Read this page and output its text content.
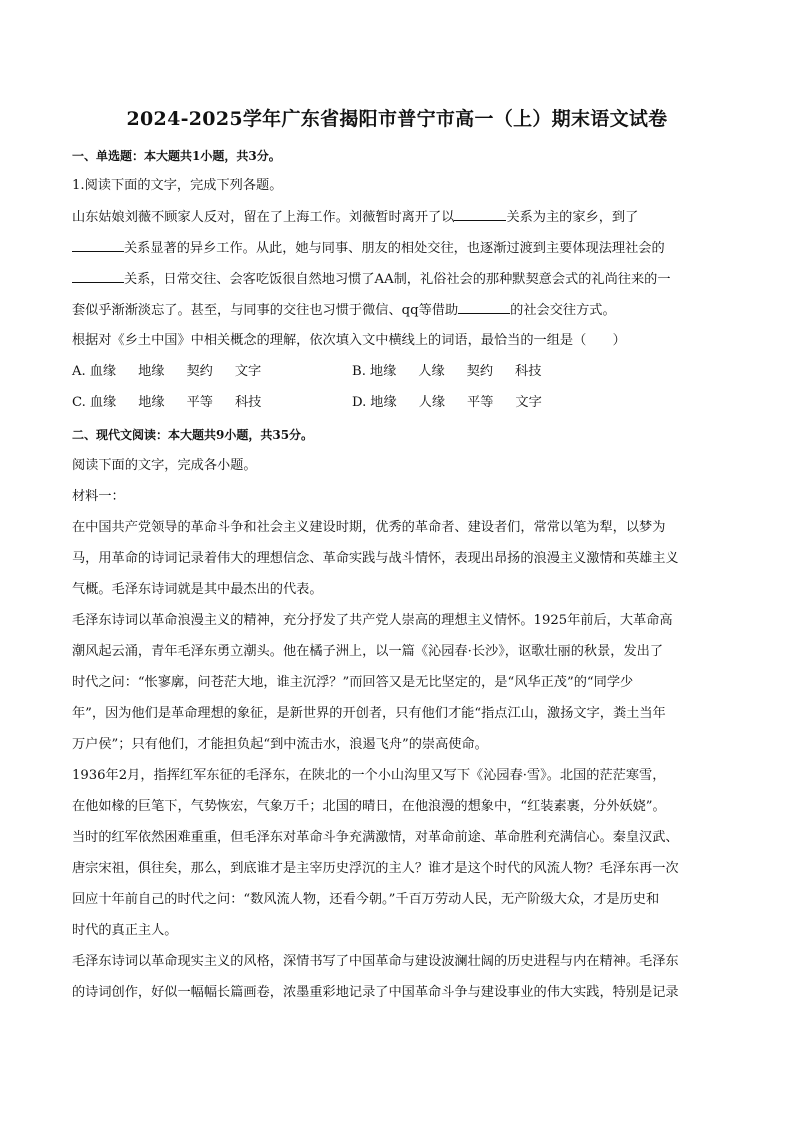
2024-2025学年广东省揭阳市普宁市高一（上）期末语文试卷
一、单选题：本大题共1小题，共3分。
1.阅读下面的文字，完成下列各题。
山东姑娘刘薇不顾家人反对，留在了上海工作。刘薇暂时离开了以	关系为主的家乡，到了
关系显著的异乡工作。从此，她与同事、朋友的相处交往，也逐渐过渡到主要体现法理社会的
关系，日常交往、会客吃饭很自然地习惯了AA制，礼俗社会的那种默契意会式的礼尚往来的一
套似乎渐渐淡忘了。甚至，与同事的交往也习惯于微信、qq等借助	的社会交往方式。
根据对《乡土中国》中相关概念的理解，依次填入文中横线上的词语，最恰当的一组是（　　）
A. 血缘 地缘 契约 文字	B. 地缘 人缘 契约 科技
C. 血缘 地缘 平等 科技	D. 地缘 人缘 平等 文字
二、现代文阅读：本大题共9小题，共35分。
阅读下面的文字，完成各小题。
材料一：
在中国共产党领导的革命斗争和社会主义建设时期，优秀的革命者、建设者们，常常以笔为犁，以梦为
马，用革命的诗词记录着伟大的理想信念、革命实践与战斗情怀，表现出昂扬的浪漫主义激情和英雄主义
气概。毛泽东诗词就是其中最杰出的代表。
毛泽东诗词以革命浪漫主义的精神，充分抒发了共产党人崇高的理想主义情怀。1925年前后，大革命高
潮风起云涌，青年毛泽东勇立潮头。他在橘子洲上，以一篇《沁园春·长沙》，讴歌壮丽的秋景，发出了
时代之问：“怅寥廓，问苍茫大地，谁主沉浮？”而回答又是无比坚定的，是“风华正茂”的“同学少
年”，因为他们是革命理想的象征，是新世界的开创者，只有他们才能“指点江山，激扬文字，粪土当年
万户侯”；只有他们，才能担负起“到中流击水，浪遏飞舟”的崇高使命。
1936年2月，指挥红军东征的毛泽东，在陕北的一个小山沟里又写下《沁园春·雪》。北国的茫茫寒雪，
在他如椽的巨笔下，气势恢宏，气象万千；北国的晴日，在他浪漫的想象中，“红装素裹，分外妖娆”。
当时的红军依然困难重重，但毛泽东对革命斗争充满激情，对革命前途、革命胜利充满信心。秦皇汉武、
唐宗宋祖，俱往矣，那么，到底谁才是主宰历史浮沉的主人？谁才是这个时代的风流人物？毛泽东再一次
回应十年前自己的时代之问：“数风流人物，还看今朝。”千百万劳动人民，无产阶级大众，才是历史和
时代的真正主人。
毛泽东诗词以革命现实主义的风格，深情书写了中国革命与建设波澜壮阔的历史进程与内在精神。毛泽东
的诗词创作，好似一幅幅长篇画卷，浓墨重彩地记录了中国革命斗争与建设事业的伟大实践，特别是记录
